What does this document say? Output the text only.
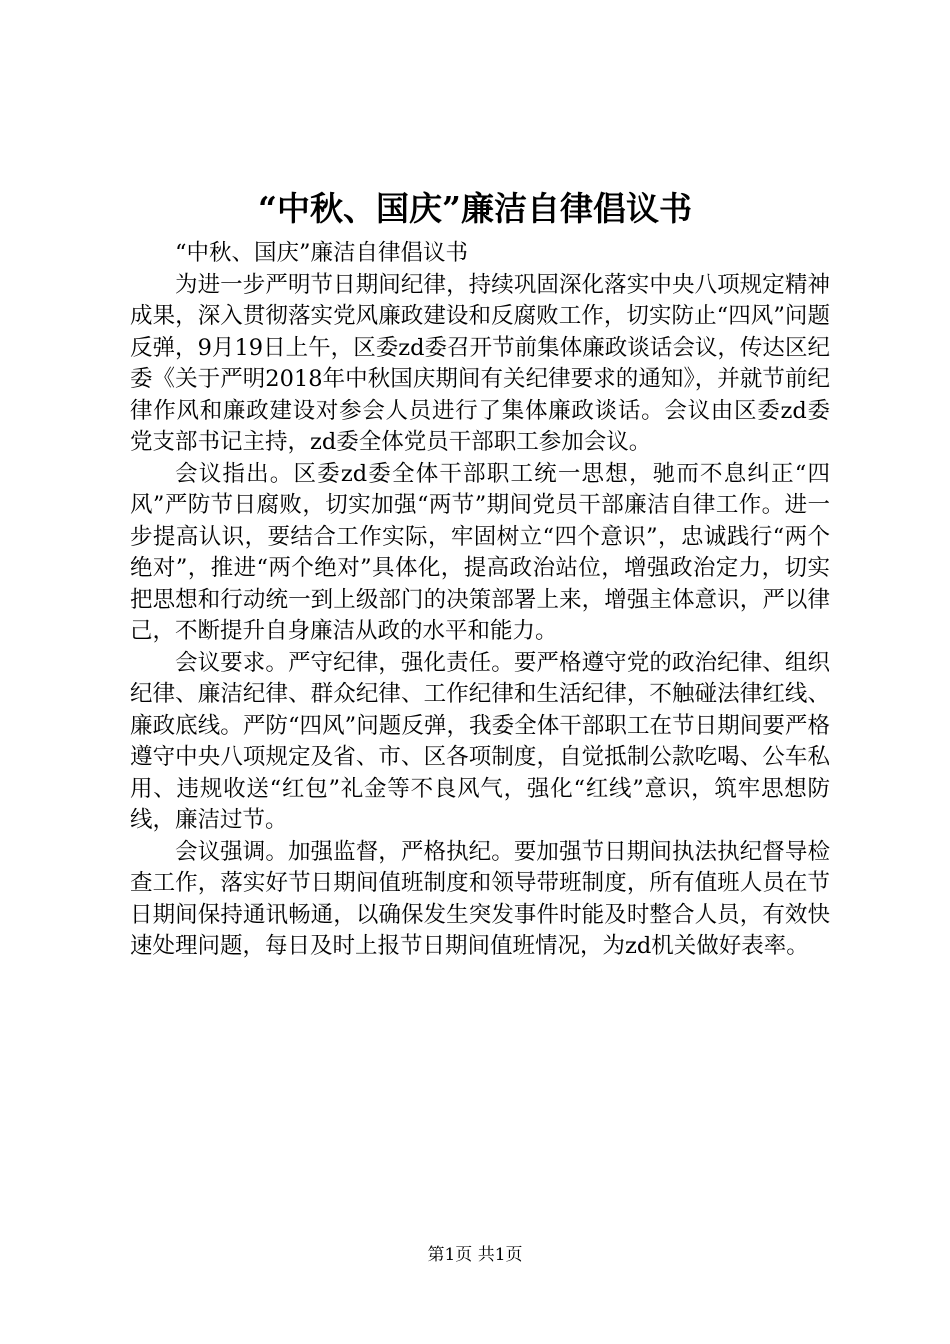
“中秋、国庆”廉洁自律倡议书

“中秋、国庆”廉洁自律倡议书

为进一步严明节日期间纪律，持续巩固深化落实中央八项规定精神成果，深入贯彻落实党风廉政建设和反腐败工作，切实防止“四风”问题反弹，9月19日上午，区委zd委召开节前集体廉政谈话会议，传达区纪委《关于严明2018年中秋国庆期间有关纪律要求的通知》，并就节前纪律作风和廉政建设对参会人员进行了集体廉政谈话。会议由区委zd委党支部书记主持，zd委全体党员干部职工参加会议。

会议指出。区委zd委全体干部职工统一思想，驰而不息纠正“四风”严防节日腐败，切实加强“两节”期间党员干部廉洁自律工作。进一步提高认识，要结合工作实际，牢固树立“四个意识”，忠诚践行“两个绝对”，推进“两个绝对”具体化，提高政治站位，增强政治定力，切实把思想和行动统一到上级部门的决策部署上来，增强主体意识，严以律己，不断提升自身廉洁从政的水平和能力。

会议要求。严守纪律，强化责任。要严格遵守党的政治纪律、组织纪律、廉洁纪律、群众纪律、工作纪律和生活纪律，不触碰法律红线、廉政底线。严防“四风”问题反弹，我委全体干部职工在节日期间要严格遵守中央八项规定及省、市、区各项制度，自觉抵制公款吃喝、公车私用、违规收送“红包”礼金等不良风气，强化“红线”意识，筑牢思想防线，廉洁过节。

会议强调。加强监督，严格执纪。要加强节日期间执法执纪督导检查工作，落实好节日期间值班制度和领导带班制度，所有值班人员在节日期间保持通讯畅通，以确保发生突发事件时能及时整合人员，有效快速处理问题，每日及时上报节日期间值班情况，为zd机关做好表率。

第1页 共1页
